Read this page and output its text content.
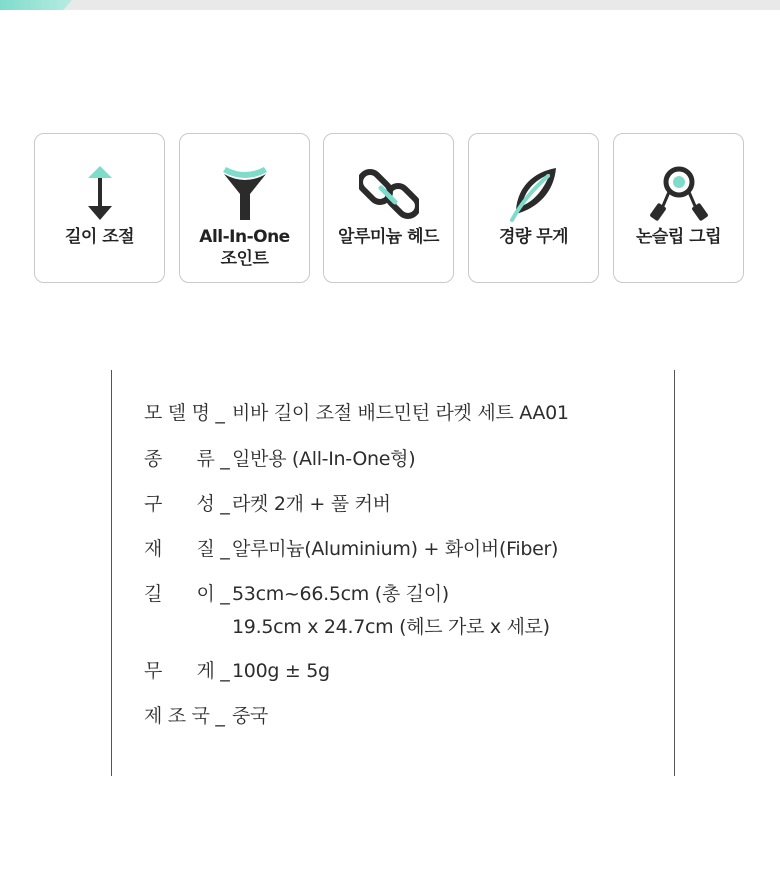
길이 조절	All-In-One
조인트
알루미늄 헤드	경량 무게	논슬립 그립
모 델 명 _ 비바 길이 조절 배드민턴 라켓 세트 AA01
종      류 _ 일반용 (All-In-One형)
구      성 _ 라켓 2개 + 풀 커버
재      질 _ 알루미늄(Aluminium) + 화이버(Fiber)
길      이 _ 53cm~66.5cm (총 길이)
19.5cm x 24.7cm (헤드 가로 x 세로)
무      게 _ 100g ± 5g
제 조 국 _ 중국
